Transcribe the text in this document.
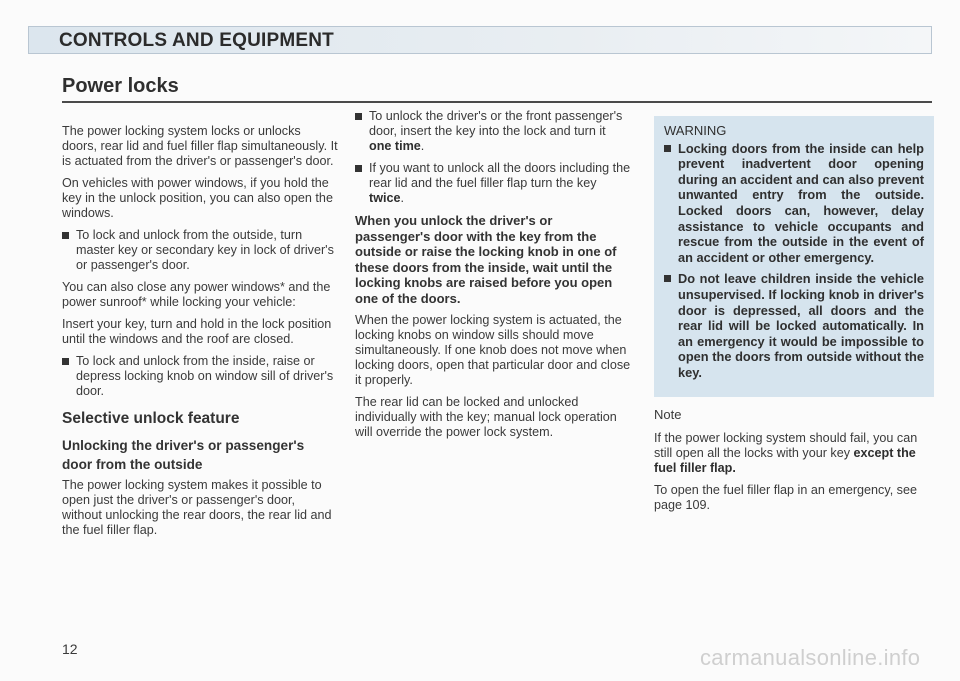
CONTROLS AND EQUIPMENT
Power locks

The power locking system locks or unlocks doors, rear lid and fuel filler flap simultaneously. It is actuated from the driver's or passenger's door.

On vehicles with power windows, if you hold the key in the unlock position, you can also open the windows.

To lock and unlock from the outside, turn master key or secondary key in lock of driver's or passenger's door.

You can also close any power windows* and the power sunroof* while locking your vehicle:

Insert your key, turn and hold in the lock position until the windows and the roof are closed.

To lock and unlock from the inside, raise or depress locking knob on window sill of driver's door.

Selective unlock feature
Unlocking the driver's or passenger's door from the outside

The power locking system makes it possible to open just the driver's or passenger's door, without unlocking the rear doors, the rear lid and the fuel filler flap.

To unlock the driver's or the front passenger's door, insert the key into the lock and turn it one time.

If you want to unlock all the doors including the rear lid and the fuel filler flap turn the key twice.

When you unlock the driver's or passenger's door with the key from the outside or raise the locking knob in one of these doors from the inside, wait until the locking knobs are raised before you open one of the doors.

When the power locking system is actuated, the locking knobs on window sills should move simultaneously. If one knob does not move when locking doors, open that particular door and close it properly.

The rear lid can be locked and unlocked individually with the key; manual lock operation will override the power lock system.

WARNING

Locking doors from the inside can help prevent inadvertent door opening during an accident and can also prevent unwanted entry from the outside. Locked doors can, however, delay assistance to vehicle occupants and rescue from the outside in the event of an accident or other emergency.

Do not leave children inside the vehicle unsupervised. If locking knob in driver's door is depressed, all doors and the rear lid will be locked automatically. In an emergency it would be impossible to open the doors from outside without the key.

Note

If the power locking system should fail, you can still open all the locks with your key except the fuel filler flap.

To open the fuel filler flap in an emergency, see page 109.

12	carmanualsonline.info
